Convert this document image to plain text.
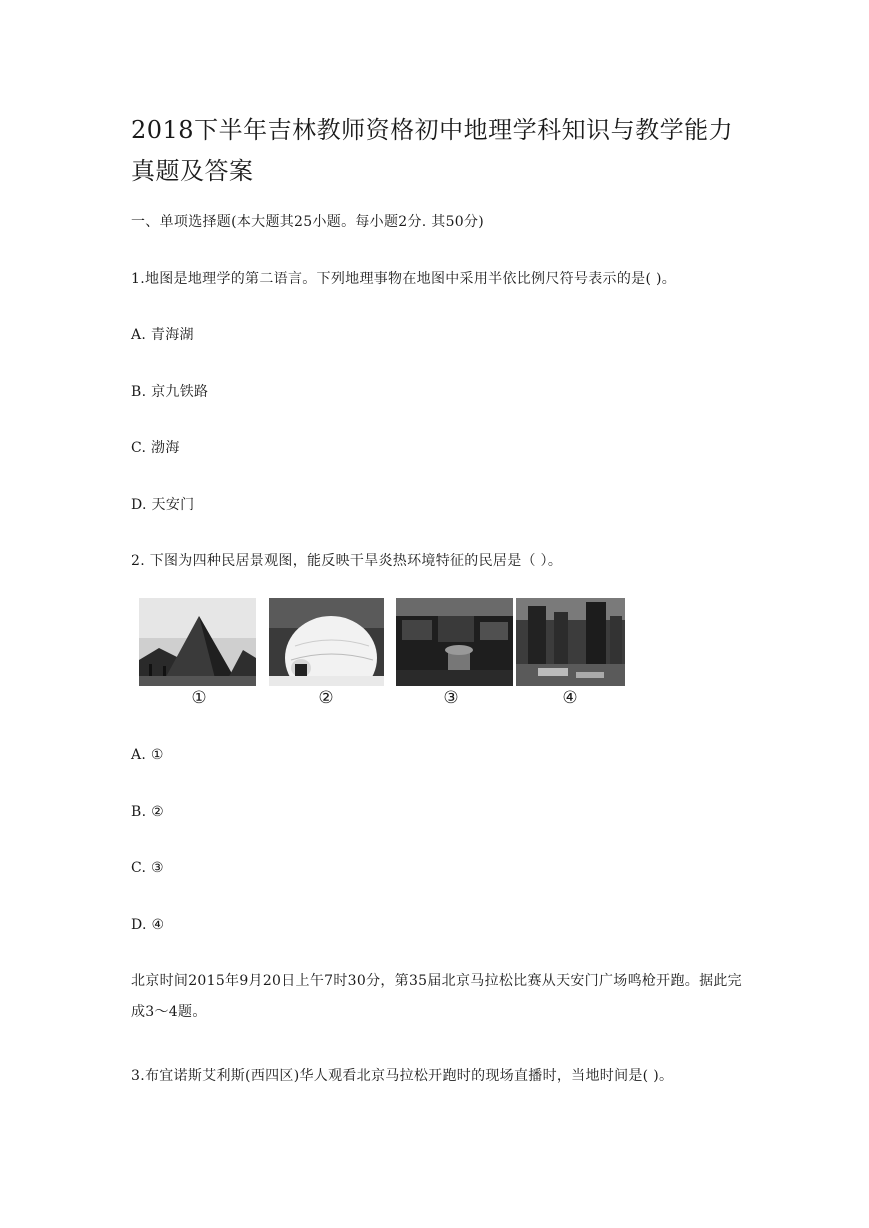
2018下半年吉林教师资格初中地理学科知识与教学能力真题及答案
一、单项选择题(本大题其25小题。每小题2分. 其50分)
1.地图是地理学的第二语言。下列地理事物在地图中采用半依比例尺符号表示的是( )。
A. 青海湖
B. 京九铁路
C. 渤海
D. 天安门
2. 下图为四种民居景观图，能反映干旱炎热环境特征的民居是（ ）。
①	②	③	④
A. ①
B. ②
C. ③
D. ④
北京时间2015年9月20日上午7时30分，第35届北京马拉松比赛从天安门广场鸣枪开跑。据此完成3～4题。
3.布宜诺斯艾利斯(西四区)华人观看北京马拉松开跑时的现场直播时，当地时间是( )。
